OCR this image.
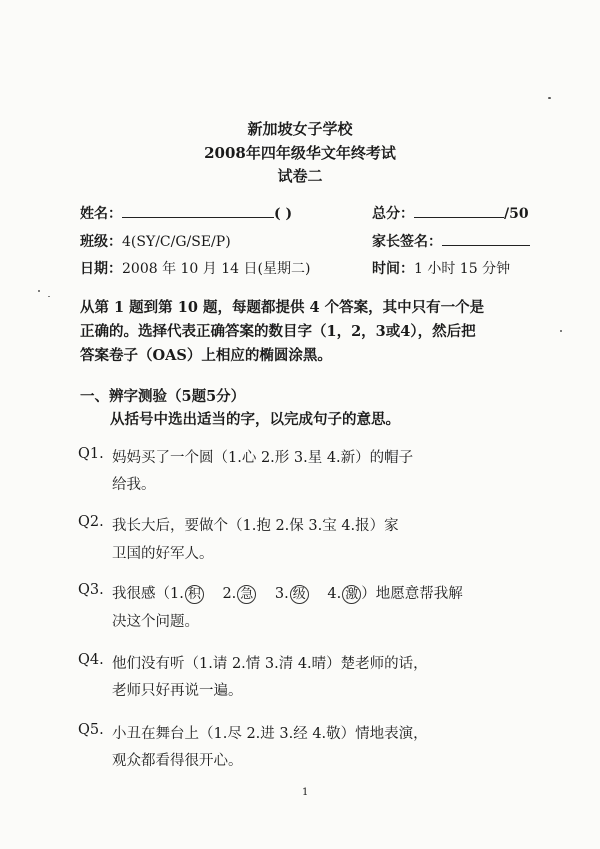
新加坡女子学校
2008年四年级华文年终考试
试卷二
姓名：	( )	总分：	/50
班级：4(SY/C/G/SE/P)	家长签名：
日期：2008 年 10 月 14 日(星期二)	时间：1 小时 15 分钟
从第 1 题到第 10 题，每题都提供 4 个答案，其中只有一个是
正确的。选择代表正确答案的数目字（1，2，3或4），然后把
答案卷子（OAS）上相应的椭圆涂黑。
一、辨字测验（5题5分）
从括号中选出适当的字，以完成句子的意思。
Q1. 妈妈买了一个圆（1.心 2.形 3.星 4.新）的帽子
给我。
Q2. 我长大后，要做个（1.抱 2.保 3.宝 4.报）家
卫国的好军人。
Q3. 我很感（1. 积 2. 急 3. 级 4. 激 ）地愿意帮我解
决这个问题。
Q4. 他们没有听（1.请 2.情 3.清 4.晴）楚老师的话，
老师只好再说一遍。
Q5. 小丑在舞台上（1.尽 2.进 3.经 4.敬）情地表演，
观众都看得很开心。
1
